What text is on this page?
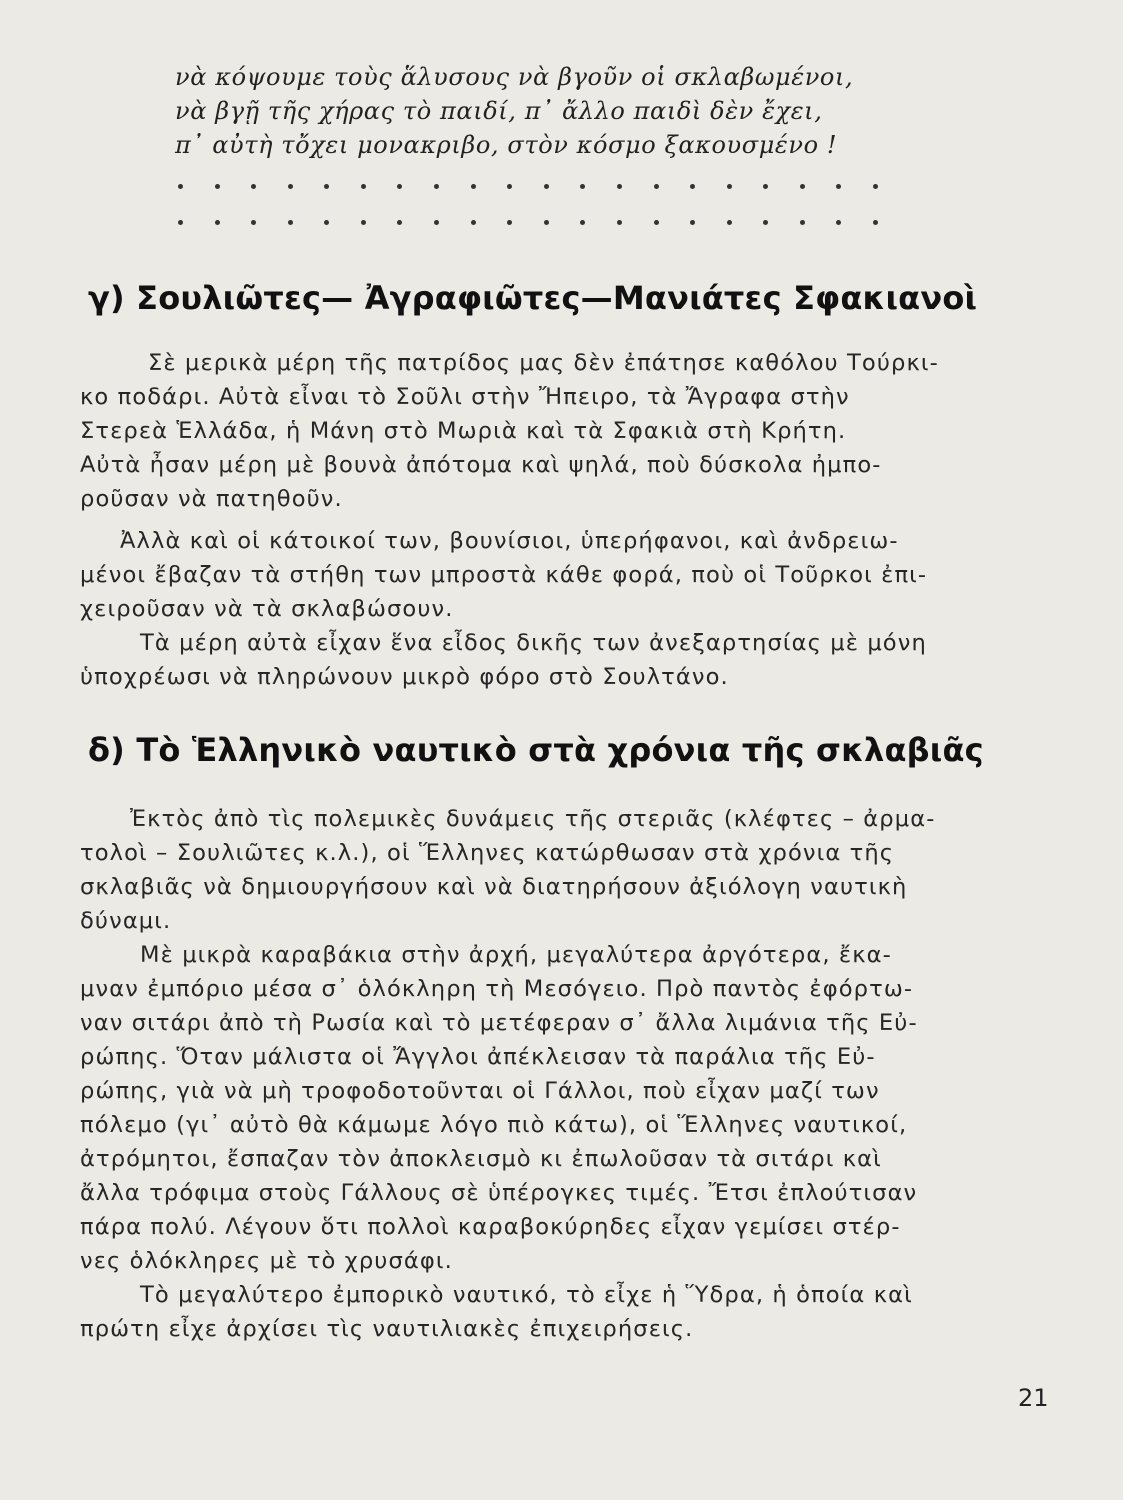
νὰ κόψουμε τοὺς ἅλυσους νὰ βγοῦν οἱ σκλαβωμένοι,
νὰ βγῇ τῆς χήρας τὸ παιδί, π᾽ ἄλλο παιδὶ δὲν ἔχει,
π᾽ αὐτὴ τὄχει μονακριβο, στὸν κόσμο ξακουσμένο !
γ) Σουλιῶτες— Ἀγραφιῶτες—Μανιάτες Σφακιανοὶ
Σὲ μερικὰ μέρη τῆς πατρίδος μας δὲν ἐπάτησε καθόλου Τούρκι-
κο ποδάρι. Αὐτὰ εἶναι τὸ Σοῦλι στὴν Ἤπειρο, τὰ Ἄγραφα στὴν
Στερεὰ Ἑλλάδα, ἡ Μάνη στὸ Μωριὰ καὶ τὰ Σφακιὰ στὴ Κρήτη.
Αὐτὰ ἦσαν μέρη μὲ βουνὰ ἀπότομα καὶ ψηλά, ποὺ δύσκολα ἠμπο-
ροῦσαν νὰ πατηθοῦν.
Ἀλλὰ καὶ οἱ κάτοικοί των, βουνίσιοι, ὑπερήφανοι, καὶ ἀνδρειω-
μένοι ἔβαζαν τὰ στήθη των μπροστὰ κάθε φορά, ποὺ οἱ Τοῦρκοι ἐπι-
χειροῦσαν νὰ τὰ σκλαβώσουν.
Τὰ μέρη αὐτὰ εἶχαν ἕνα εἶδος δικῆς των ἀνεξαρτησίας μὲ μόνη
ὑποχρέωσι νὰ πληρώνουν μικρὸ φόρο στὸ Σουλτάνο.
δ) Τὸ Ἑλληνικὸ ναυτικὸ στὰ χρόνια τῆς σκλαβιᾶς
Ἐκτὸς ἀπὸ τὶς πολεμικὲς δυνάμεις τῆς στεριᾶς (κλέφτες – ἀρμα-
τολοὶ – Σουλιῶτες κ.λ.), οἱ Ἕλληνες κατώρθωσαν στὰ χρόνια τῆς
σκλαβιᾶς νὰ δημιουργήσουν καὶ νὰ διατηρήσουν ἀξιόλογη ναυτικὴ
δύναμι.
Μὲ μικρὰ καραβάκια στὴν ἀρχή, μεγαλύτερα ἀργότερα, ἔκα-
μναν ἐμπόριο μέσα σ᾽ ὁλόκληρη τὴ Μεσόγειο. Πρὸ παντὸς ἐφόρτω-
ναν σιτάρι ἀπὸ τὴ Ρωσία καὶ τὸ μετέφεραν σ᾽ ἄλλα λιμάνια τῆς Εὐ-
ρώπης. Ὅταν μάλιστα οἱ Ἄγγλοι ἀπέκλεισαν τὰ παράλια τῆς Εὐ-
ρώπης, γιὰ νὰ μὴ τροφοδοτοῦνται οἱ Γάλλοι, ποὺ εἶχαν μαζί των
πόλεμο (γι᾽ αὐτὸ θὰ κάμωμε λόγο πιὸ κάτω), οἱ Ἕλληνες ναυτικοί,
ἀτρόμητοι, ἔσπαζαν τὸν ἀποκλεισμὸ κι ἐπωλοῦσαν τὰ σιτάρι καὶ
ἄλλα τρόφιμα στοὺς Γάλλους σὲ ὑπέρογκες τιμές. Ἔτσι ἐπλούτισαν
πάρα πολύ. Λέγουν ὅτι πολλοὶ καραβοκύρηδες εἶχαν γεμίσει στέρ-
νες ὁλόκληρες μὲ τὸ χρυσάφι.
Τὸ μεγαλύτερο ἐμπορικὸ ναυτικό, τὸ εἶχε ἡ Ὕδρα, ἡ ὁποία καὶ
πρώτη εἶχε ἀρχίσει τὶς ναυτιλιακὲς ἐπιχειρήσεις.
21
